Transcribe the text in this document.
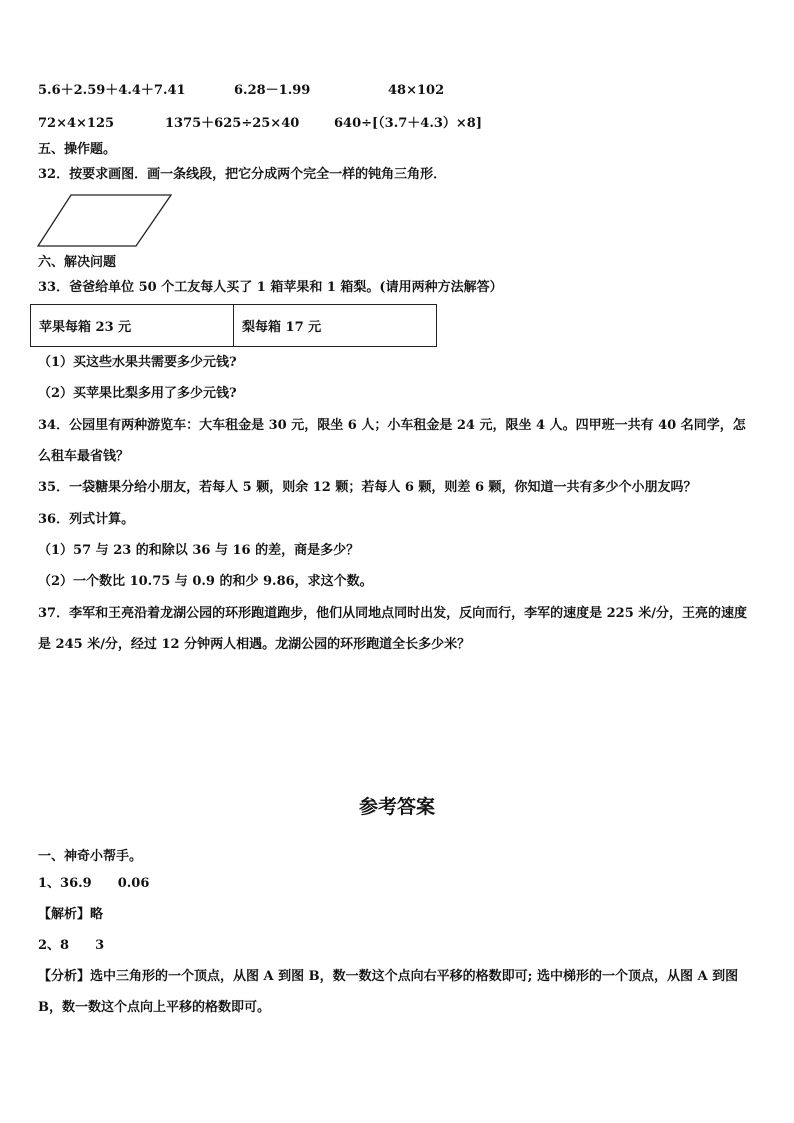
5.6＋2.59＋4.4＋7.41	6.28－1.99	48×102
72×4×125	1375＋625÷25×40	640÷[（3.7＋4.3）×8]
五、操作题。
32．按要求画图．画一条线段，把它分成两个完全一样的钝角三角形．
六、解决问题
33．爸爸给单位 50 个工友每人买了 1 箱苹果和 1 箱梨。(请用两种方法解答）
苹果每箱 23 元	梨每箱 17 元
（1）买这些水果共需要多少元钱?
（2）买苹果比梨多用了多少元钱?
34．公园里有两种游览车：大车租金是 30 元，限坐 6 人；小车租金是 24 元，限坐 4 人。四甲班一共有 40 名同学，怎么租车最省钱？
35．一袋糖果分给小朋友，若每人 5 颗，则余 12 颗；若每人 6 颗，则差 6 颗，你知道一共有多少个小朋友吗？
36．列式计算。
（1）57 与 23 的和除以 36 与 16 的差，商是多少？
（2）一个数比 10.75 与 0.9 的和少 9.86，求这个数。
37．李军和王亮沿着龙湖公园的环形跑道跑步，他们从同地点同时出发，反向而行，李军的速度是 225 米/分，王亮的速度是 245 米/分，经过 12 分钟两人相遇。龙湖公园的环形跑道全长多少米？
参考答案
一、神奇小帮手。
1、36.9　　0.06
【解析】略
2、8　　3
【分析】选中三角形的一个顶点，从图 A 到图 B，数一数这个点向右平移的格数即可; 选中梯形的一个顶点，从图 A 到图 B，数一数这个点向上平移的格数即可。
